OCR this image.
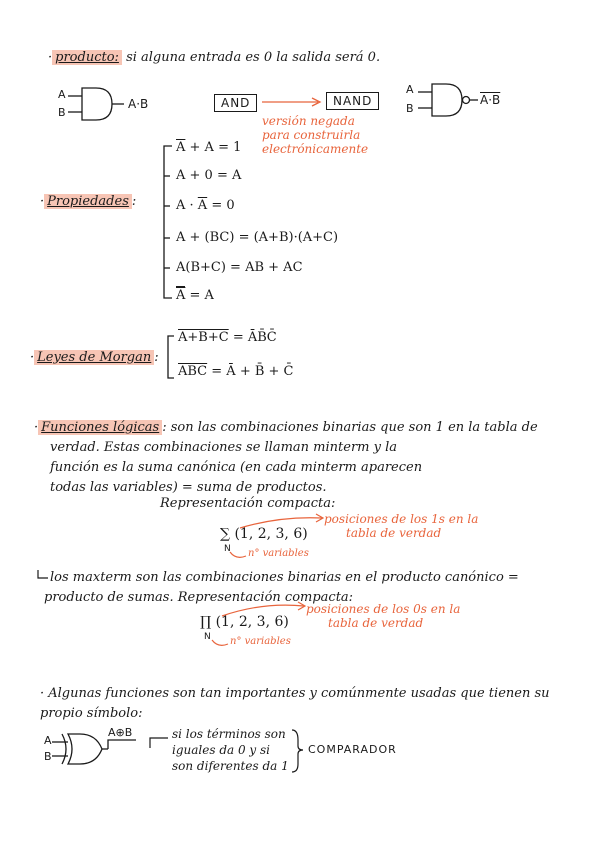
· producto: si alguna entrada es 0 la salida será 0.
A
B
A·B	AND	NAND
versión negada
para construirla
electrónicamente
A
B
A·B
· Propiedades :
$\overline{A} + A = 1$
A + 0 = A
$A \cdot \overline{A} = 0$
A + (BC) = (A+B)·(A+C)
A(B+C) = AB + AC
$\overline{A} = A$
· Leyes de Morgan :
A+B+C = ĀB̄C̄
$\overline{ABC}$ = Ā + B̄ + C̄
· Funciones lógicas : son las combinaciones binarias que son 1 en la tabla de
verdad. Estas combinaciones se llaman minterm y la
función es la suma canónica (en cada minterm aparecen
todas las variables) = suma de productos.
Representación compacta:
∑ (1, 2, 3, 6)
N
posiciones de los 1s en la
tabla de verdad
n° variables
los maxterm son las combinaciones binarias en el producto canónico =
producto de sumas. Representación compacta:
∏ (1, 2, 3, 6)
N
posiciones de los 0s en la
tabla de verdad
n° variables
· Algunas funciones son tan importantes y comúnmente usadas que tienen su
propio símbolo:
A
B
A⊕B	si los términos son
iguales da 0 y si
son diferentes da 1
COMPARADOR
